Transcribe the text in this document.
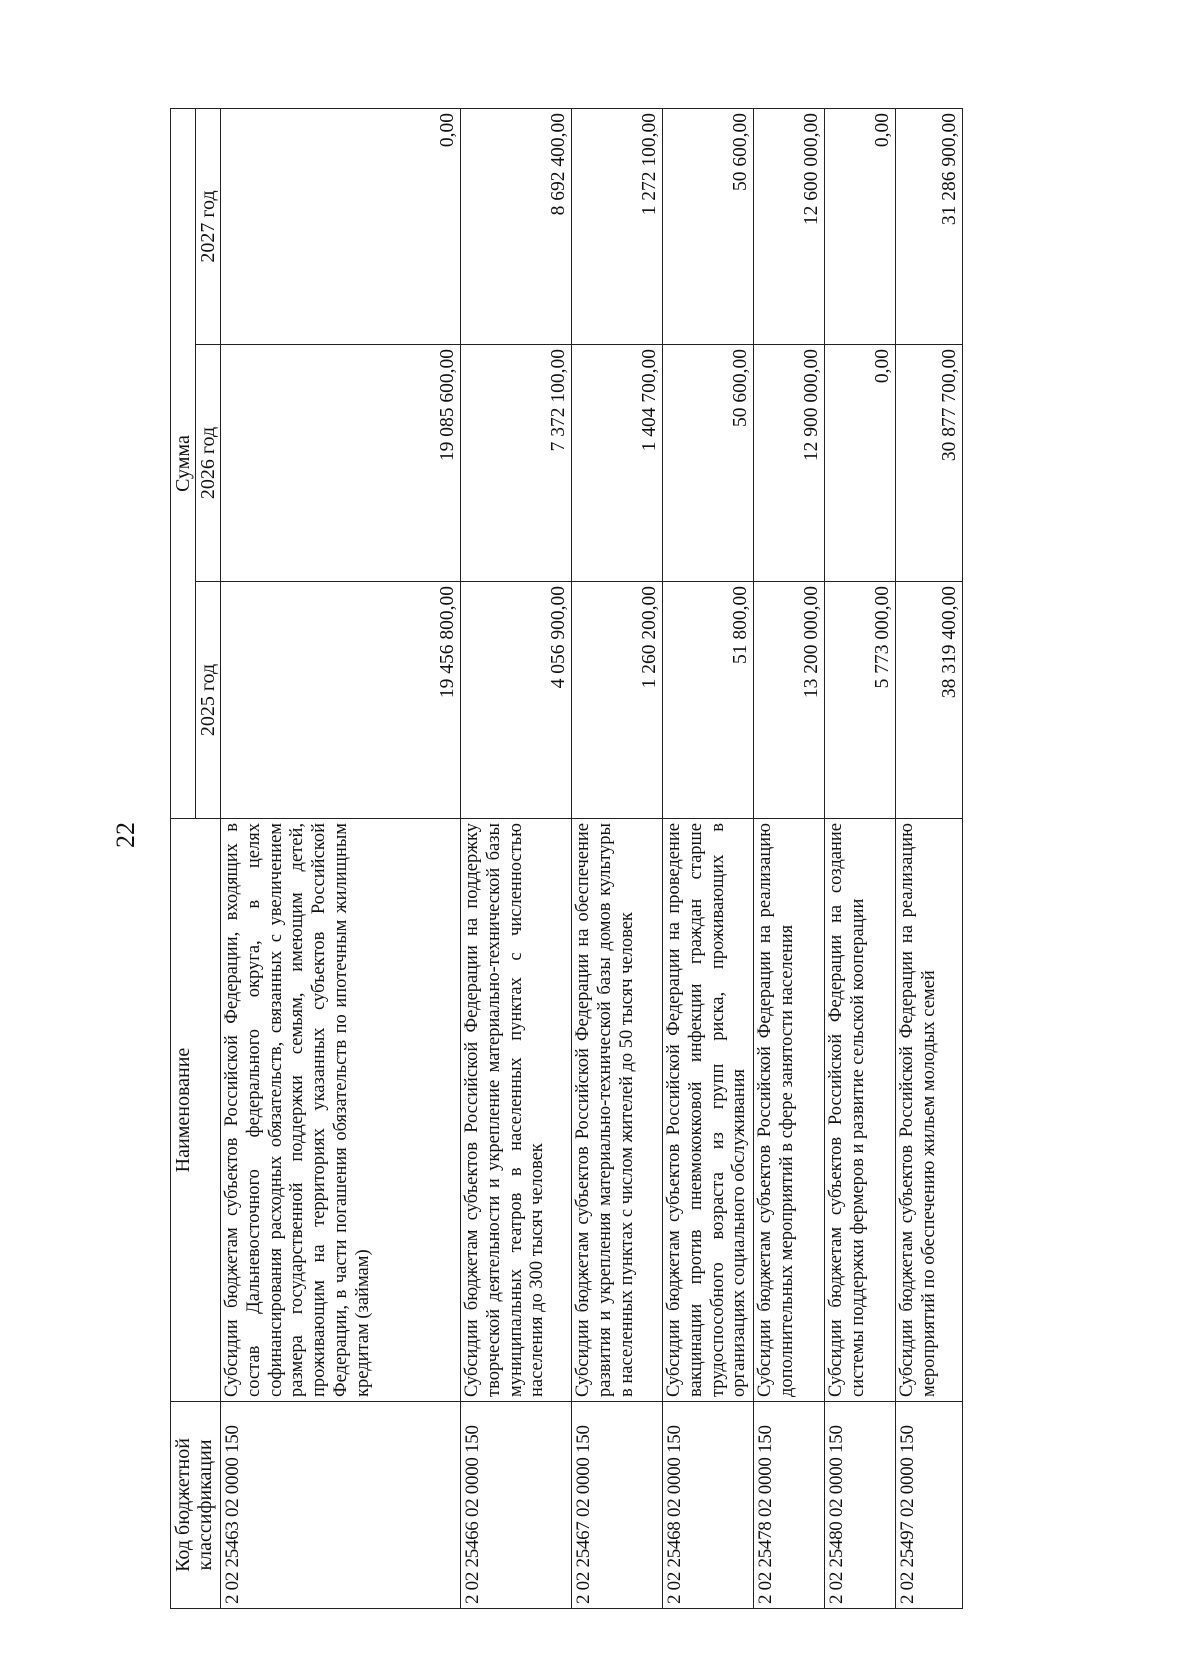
22
Код бюджетной классификации	Наименование	Сумма		
		2025 год	2026 год	2027 год
2 02 25463 02 0000 150	Субсидии бюджетам субъектов Российской Федерации, входящих в состав Дальневосточного федерального округа, в целях софинансирования расходных обязательств, связанных с увеличением размера государственной поддержки семьям, имеющим детей, проживающим на территориях указанных субъектов Российской Федерации, в части погашения обязательств по ипотечным жилищным кредитам (займам)	19 456 800,00	19 085 600,00	0,00
2 02 25466 02 0000 150	Субсидии бюджетам субъектов Российской Федерации на поддержку творческой деятельности и укрепление материально-технической базы муниципальных театров в населенных пунктах с численностью населения до 300 тысяч человек	4 056 900,00	7 372 100,00	8 692 400,00
2 02 25467 02 0000 150	Субсидии бюджетам субъектов Российской Федерации на обеспечение развития и укрепления материально-технической базы домов культуры в населенных пунктах с числом жителей до 50 тысяч человек	1 260 200,00	1 404 700,00	1 272 100,00
2 02 25468 02 0000 150	Субсидии бюджетам субъектов Российской Федерации на проведение вакцинации против пневмококковой инфекции граждан старше трудоспособного возраста из групп риска, проживающих в организациях социального обслуживания	51 800,00	50 600,00	50 600,00
2 02 25478 02 0000 150	Субсидии бюджетам субъектов Российской Федерации на реализацию дополнительных мероприятий в сфере занятости населения	13 200 000,00	12 900 000,00	12 600 000,00
2 02 25480 02 0000 150	Субсидии бюджетам субъектов Российской Федерации на создание системы поддержки фермеров и развитие сельской кооперации	5 773 000,00	0,00	0,00
2 02 25497 02 0000 150	Субсидии бюджетам субъектов Российской Федерации на реализацию мероприятий по обеспечению жильем молодых семей	38 319 400,00	30 877 700,00	31 286 900,00
